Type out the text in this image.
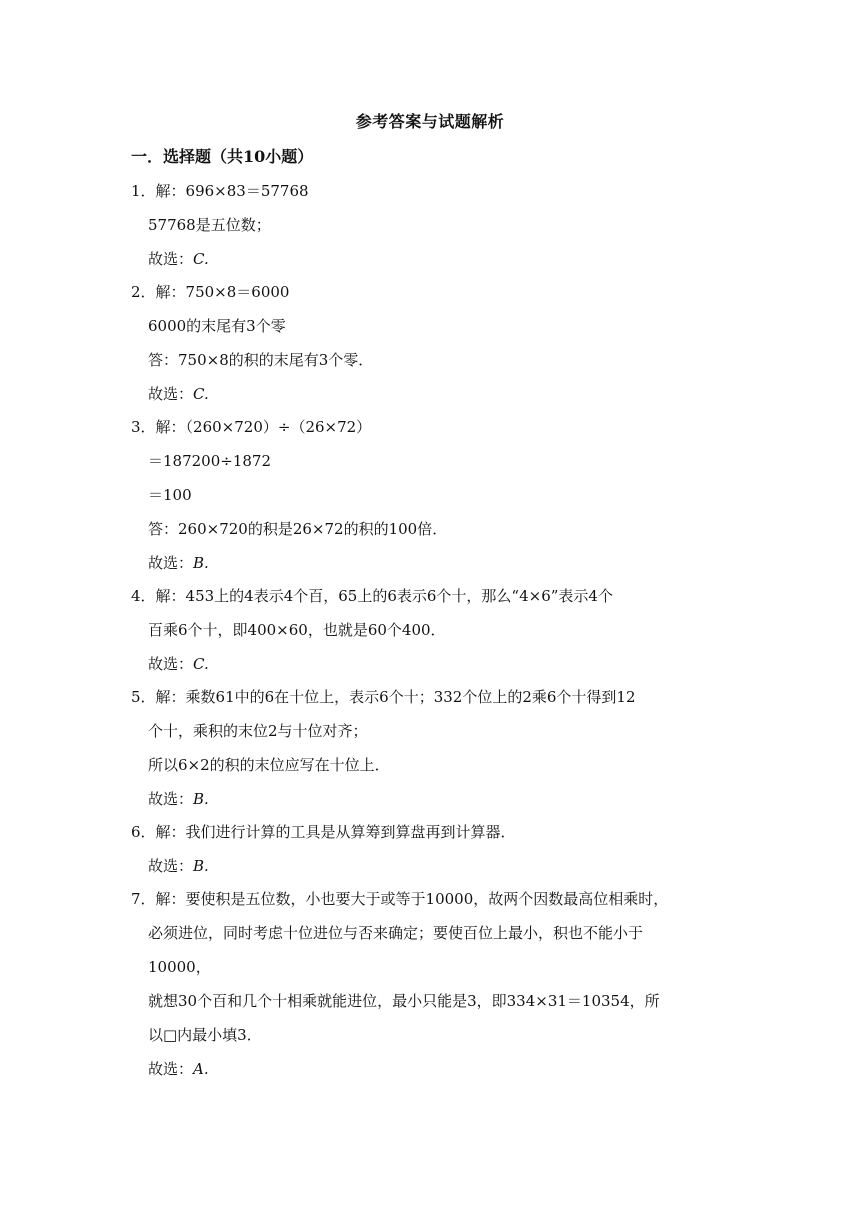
参考答案与试题解析
一．选择题（共10小题）
1．解：696×83＝57768
57768是五位数；
故选：C.
2．解：750×8＝6000
6000的末尾有3个零
答：750×8的积的末尾有3个零．
故选：C.
3．解：（260×720）÷（26×72）
＝187200÷1872
＝100
答：260×720的积是26×72的积的100倍．
故选：B.
4．解：453上的4表示4个百，65上的6表示6个十，那么“4×6”表示4个
百乘6个十，即400×60，也就是60个400．
故选：C.
5．解：乘数61中的6在十位上，表示6个十；332个位上的2乘6个十得到12
个十，乘积的末位2与十位对齐；
所以6×2的积的末位应写在十位上．
故选：B.
6．解：我们进行计算的工具是从算筹到算盘再到计算器．
故选：B.
7．解：要使积是五位数，小也要大于或等于10000，故两个因数最高位相乘时，
必须进位，同时考虑十位进位与否来确定；要使百位上最小，积也不能小于
10000，
就想30个百和几个十相乘就能进位，最小只能是3，即334×31＝10354，所
以□内最小填3．
故选：A.
